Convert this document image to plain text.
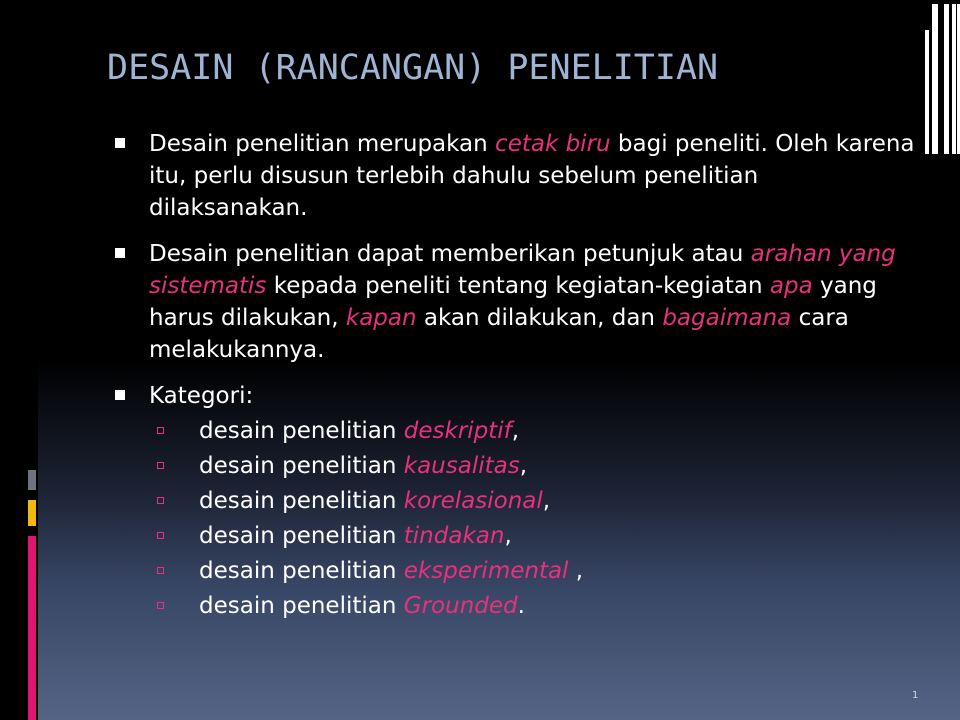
DESAIN (RANCANGAN) PENELITIAN
Desain penelitian merupakan cetak biru bagi peneliti. Oleh karena itu, perlu disusun terlebih dahulu sebelum penelitian dilaksanakan.
Desain penelitian dapat memberikan petunjuk atau arahan yang sistematis kepada peneliti tentang kegiatan-kegiatan apa yang harus dilakukan, kapan akan dilakukan, dan bagaimana cara melakukannya.
Kategori:
desain penelitian deskriptif,
desain penelitian kausalitas,
desain penelitian korelasional,
desain penelitian tindakan,
desain penelitian eksperimental ,
desain penelitian Grounded.
1
